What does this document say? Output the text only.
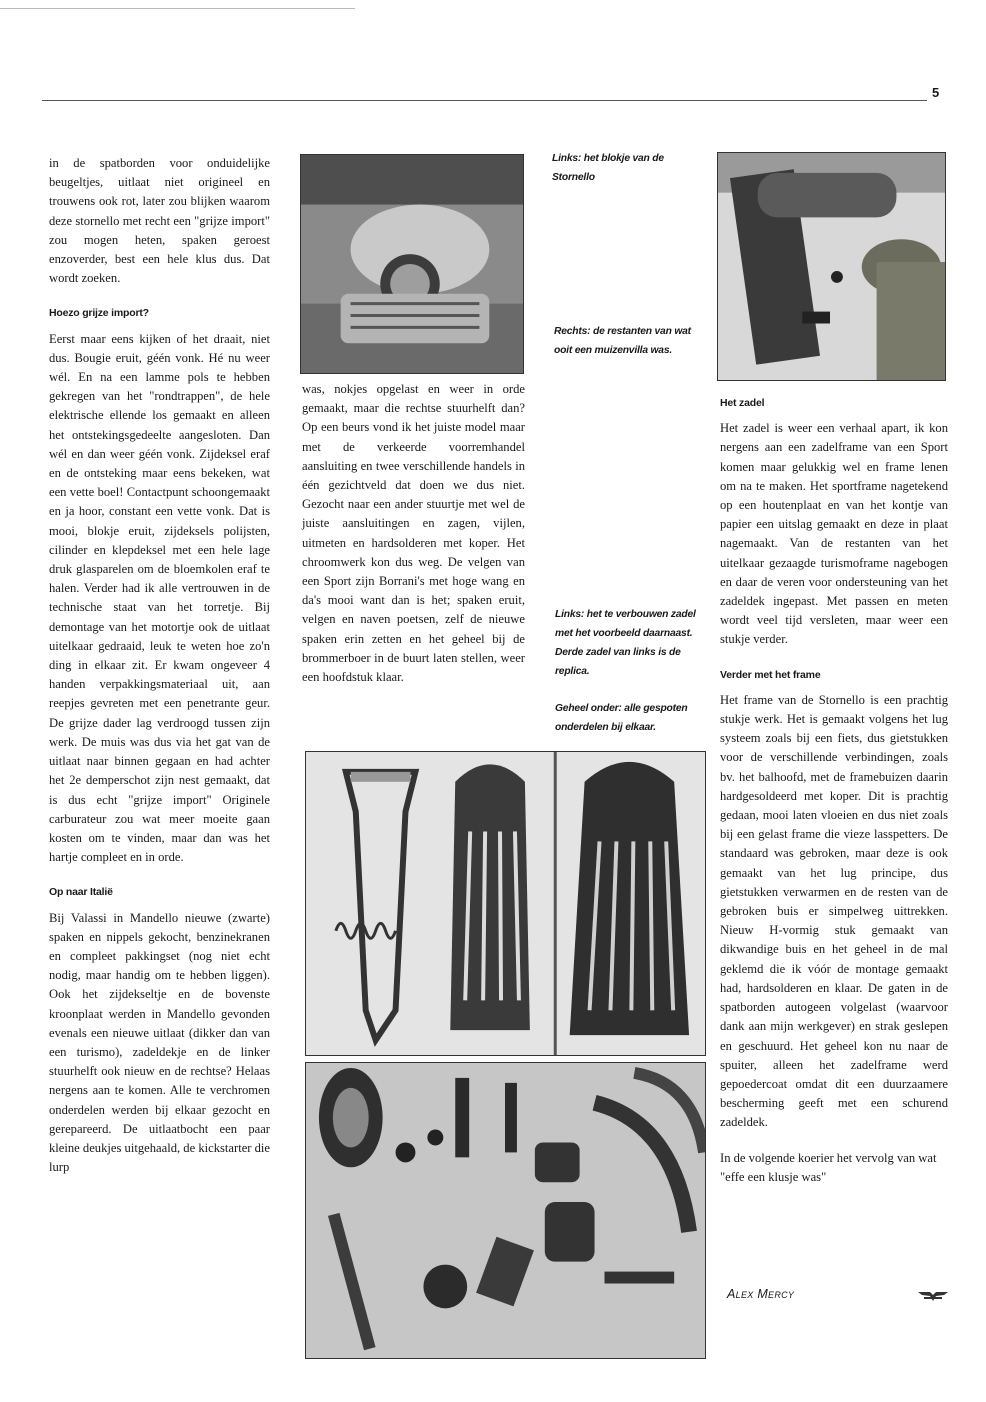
5

in de spatborden voor onduidelijke beugeltjes, uitlaat niet origineel en trouwens ook rot, later zou blijken waarom deze stornello met recht een "grijze import" zou mogen heten, spaken geroest enzoverder, best een hele klus dus. Dat wordt zoeken.

Hoezo grijze import?

Eerst maar eens kijken of het draait, niet dus. Bougie eruit, géén vonk. Hé nu weer wél. En na een lamme pols te hebben gekregen van het "rondtrappen", de hele elektrische ellende los gemaakt en alleen het ontstekingsgedeelte aangesloten. Dan wél en dan weer géén vonk. Zijdeksel eraf en de ontsteking maar eens bekeken, wat een vette boel! Contactpunt schoongemaakt en ja hoor, constant een vette vonk. Dat is mooi, blokje eruit, zijdeksels polijsten, cilinder en klepdeksel met een hele lage druk glasparelen om de bloemkolen eraf te halen. Verder had ik alle vertrouwen in de technische staat van het torretje. Bij demontage van het motortje ook de uitlaat uitelkaar gedraaid, leuk te weten hoe zo'n ding in elkaar zit. Er kwam ongeveer 4 handen verpakkingsmateriaal uit, aan reepjes gevreten met een penetrante geur. De grijze dader lag verdroogd tussen zijn werk. De muis was dus via het gat van de uitlaat naar binnen gegaan en had achter het 2e demperschot zijn nest gemaakt, dat is dus echt "grijze import" Originele carburateur zou wat meer moeite gaan kosten om te vinden, maar dan was het hartje compleet en in orde.

Op naar Italië

Bij Valassi in Mandello nieuwe (zwarte) spaken en nippels gekocht, benzinekranen en compleet pakkingset (nog niet echt nodig, maar handig om te hebben liggen). Ook het zijdekseltje en de bovenste kroonplaat werden in Mandello gevonden evenals een nieuwe uitlaat (dikker dan van een turismo), zadeldekje en de linker stuurhelft ook nieuw en de rechtse? Helaas nergens aan te komen. Alle te verchromen onderdelen werden bij elkaar gezocht en gerepareerd. De uitlaatbocht een paar kleine deukjes uitgehaald, de kickstarter die lurp

was, nokjes opgelast en weer in orde gemaakt, maar die rechtse stuurhelft dan? Op een beurs vond ik het juiste model maar met de verkeerde voorremhandel aansluiting en twee verschillende handels in één gezichtveld dat doen we dus niet. Gezocht naar een ander stuurtje met wel de juiste aansluitingen en zagen, vijlen, uitmeten en hardsolderen met koper. Het chroomwerk kon dus weg. De velgen van een Sport zijn Borrani's met hoge wang en da's mooi want dan is het; spaken eruit, velgen en naven poetsen, zelf de nieuwe spaken erin zetten en het geheel bij de brommerboer in de buurt laten stellen, weer een hoofdstuk klaar.

Links: het blokje van de Stornello
Rechts: de restanten van wat ooit een muizenvilla was.
Links: het te verbouwen zadel met het voorbeeld daarnaast. Derde zadel van links is de replica.
Geheel onder: alle gespoten onderdelen bij elkaar.
Het zadel

Het zadel is weer een verhaal apart, ik kon nergens aan een zadelframe van een Sport komen maar gelukkig wel en frame lenen om na te maken. Het sportframe nagetekend op een houtenplaat en van het kontje van papier een uitslag gemaakt en deze in plaat nagemaakt. Van de restanten van het uitelkaar gezaagde turismoframe nagebogen en daar de veren voor ondersteuning van het zadeldek ingepast. Met passen en meten wordt veel tijd versleten, maar weer een stukje verder.

Verder met het frame

Het frame van de Stornello is een prachtig stukje werk. Het is gemaakt volgens het lug systeem zoals bij een fiets, dus gietstukken voor de verschillende verbindingen, zoals bv. het balhoofd, met de framebuizen daarin hardgesoldeerd met koper. Dit is prachtig gedaan, mooi laten vloeien en dus niet zoals bij een gelast frame die vieze lasspetters. De standaard was gebroken, maar deze is ook gemaakt van het lug principe, dus gietstukken verwarmen en de resten van de gebroken buis er simpelweg uittrekken. Nieuw H-vormig stuk gemaakt van dikwandige buis en het geheel in de mal geklemd die ik vóór de montage gemaakt had, hardsolderen en klaar. De gaten in de spatborden autogeen volgelast (waarvoor dank aan mijn werkgever) en strak geslepen en geschuurd. Het geheel kon nu naar de spuiter, alleen het zadelframe werd gepoedercoat omdat dit een duurzaamere bescherming geeft met een schurend zadeldek.

In de volgende koerier het vervolg van wat "effe een klusje was"

Alex Mercy
